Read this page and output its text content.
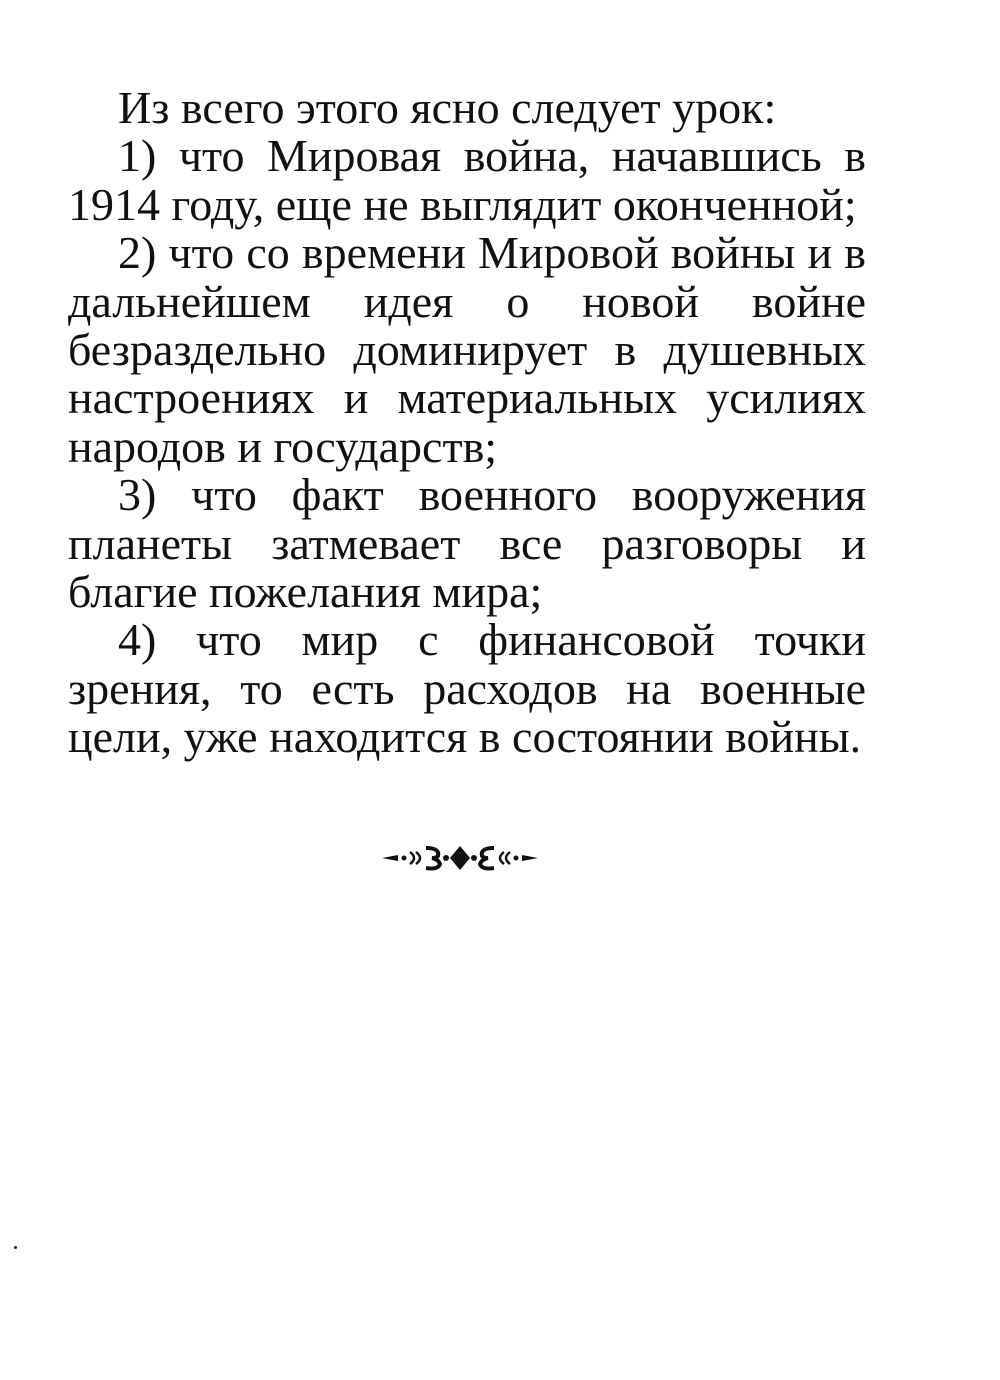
Из всего этого ясно следует урок:

1) что Мировая война, начавшись в 1914 году, еще не выглядит оконченной;

2) что со времени Мировой войны и в дальнейшем идея о новой войне безраздельно доминирует в душевных настроениях и материальных усилиях народов и государств;

3) что факт военного вооружения планеты затмевает все разговоры и благие пожелания мира;

4) что мир с финансовой точки зрения, то есть расходов на военные цели, уже находится в состоянии войны.
